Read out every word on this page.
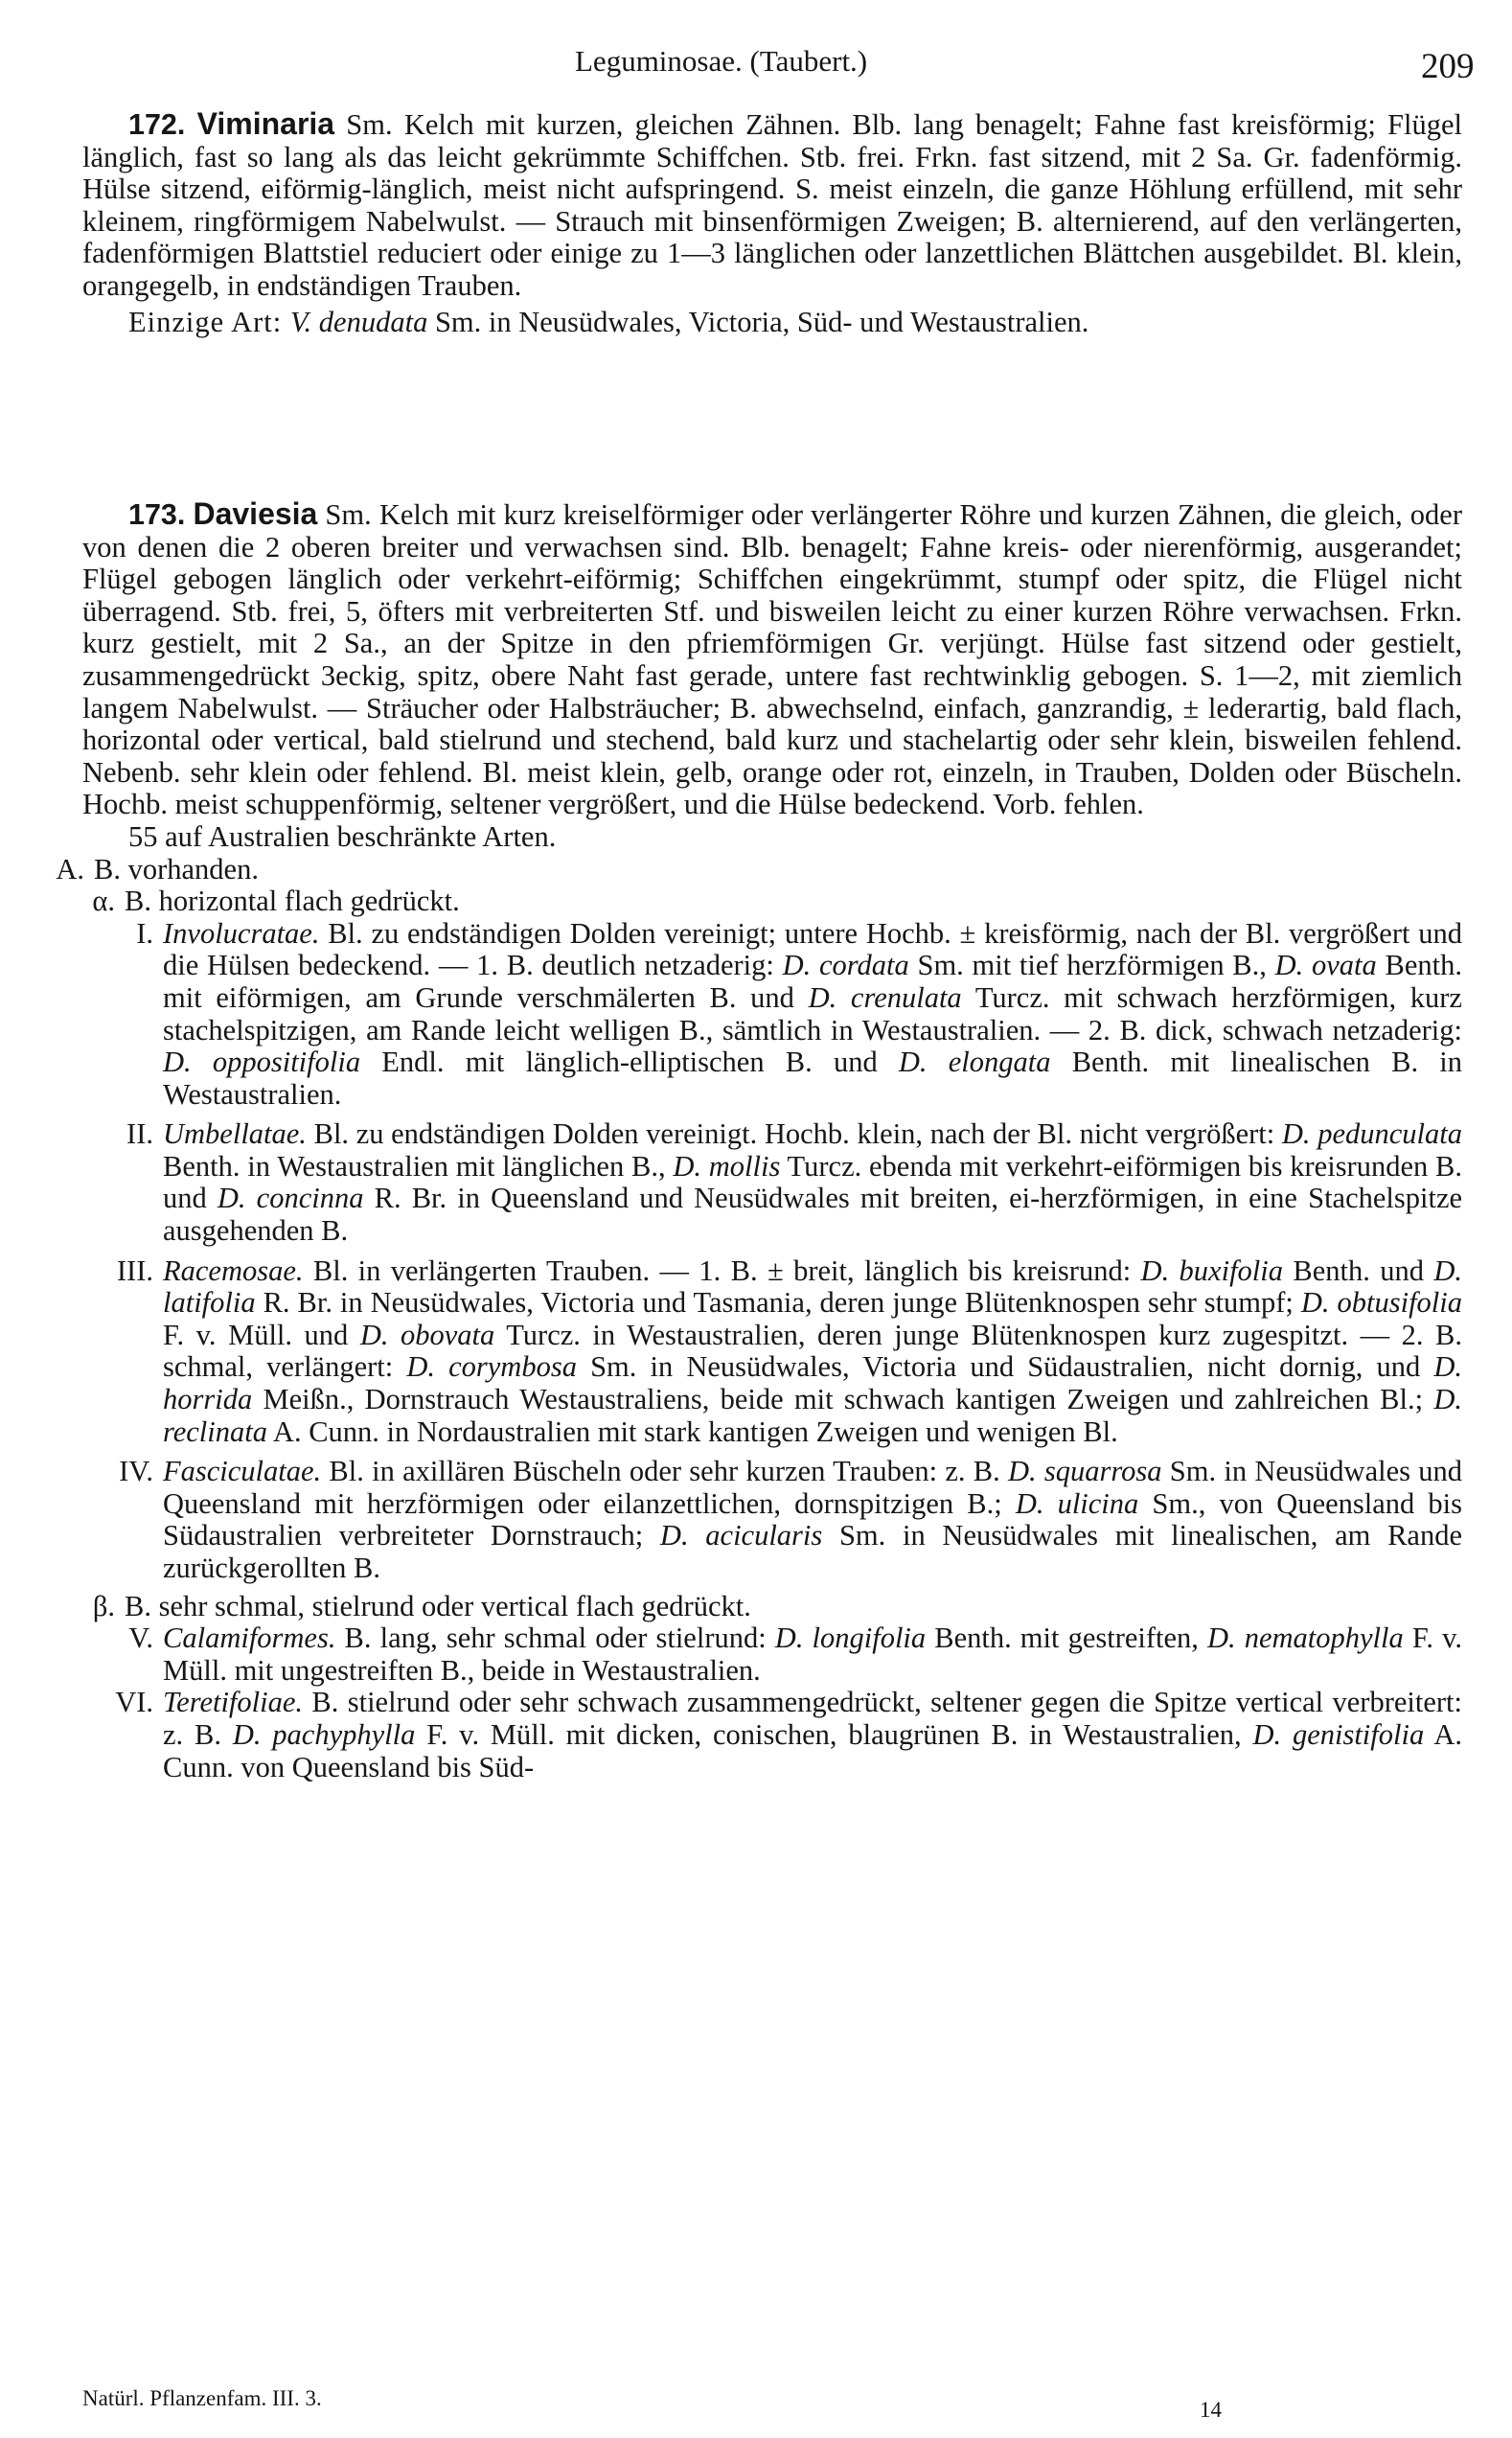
Leguminosae. (Taubert.)	209

172. Viminaria Sm. Kelch mit kurzen, gleichen Zähnen. Blb. lang benagelt; Fahne fast kreisförmig; Flügel länglich, fast so lang als das leicht gekrümmte Schiffchen. Stb. frei. Frkn. fast sitzend, mit 2 Sa. Gr. fadenförmig. Hülse sitzend, eiförmig-länglich, meist nicht aufspringend. S. meist einzeln, die ganze Höhlung erfüllend, mit sehr kleinem, ringförmigem Nabelwulst. — Strauch mit binsenförmigen Zweigen; B. alternierend, auf den verlängerten, fadenförmigen Blattstiel reduciert oder einige zu 1—3 länglichen oder lanzettlichen Blättchen ausgebildet. Bl. klein, orangegelb, in endständigen Trauben.

Einzige Art: V. denudata Sm. in Neusüdwales, Victoria, Süd- und Westaustralien.

173. Daviesia Sm. Kelch mit kurz kreiselförmiger oder verlängerter Röhre und kurzen Zähnen, die gleich, oder von denen die 2 oberen breiter und verwachsen sind. Blb. benagelt; Fahne kreis- oder nierenförmig, ausgerandet; Flügel gebogen länglich oder verkehrt-eiförmig; Schiffchen eingekrümmt, stumpf oder spitz, die Flügel nicht überragend. Stb. frei, 5, öfters mit verbreiterten Stf. und bisweilen leicht zu einer kurzen Röhre verwachsen. Frkn. kurz gestielt, mit 2 Sa., an der Spitze in den pfriemförmigen Gr. verjüngt. Hülse fast sitzend oder gestielt, zusammengedrückt 3eckig, spitz, obere Naht fast gerade, untere fast rechtwinklig gebogen. S. 1—2, mit ziemlich langem Nabelwulst. — Sträucher oder Halbsträucher; B. abwechselnd, einfach, ganzrandig, ± lederartig, bald flach, horizontal oder vertical, bald stielrund und stechend, bald kurz und stachelartig oder sehr klein, bisweilen fehlend. Nebenb. sehr klein oder fehlend. Bl. meist klein, gelb, orange oder rot, einzeln, in Trauben, Dolden oder Büscheln. Hochb. meist schuppenförmig, seltener vergrößert, und die Hülse bedeckend. Vorb. fehlen.

55 auf Australien beschränkte Arten.

A. B. vorhanden.
α. B. horizontal flach gedrückt.
I. Involucratae. Bl. zu endständigen Dolden vereinigt; untere Hochb. ± kreisförmig, nach der Bl. vergrößert und die Hülsen bedeckend. — 1. B. deutlich netzaderig: D. cordata Sm. mit tief herzförmigen B., D. ovata Benth. mit eiförmigen, am Grunde verschmälerten B. und D. crenulata Turcz. mit schwach herzförmigen, kurz stachelspitzigen, am Rande leicht welligen B., sämtlich in Westaustralien. — 2. B. dick, schwach netzaderig: D. oppositifolia Endl. mit länglich-elliptischen B. und D. elongata Benth. mit linealischen B. in Westaustralien.
II. Umbellatae. Bl. zu endständigen Dolden vereinigt. Hochb. klein, nach der Bl. nicht vergrößert: D. pedunculata Benth. in Westaustralien mit länglichen B., D. mollis Turcz. ebenda mit verkehrt-eiförmigen bis kreisrunden B. und D. concinna R. Br. in Queensland und Neusüdwales mit breiten, ei-herzförmigen, in eine Stachelspitze ausgehenden B.
III. Racemosae. Bl. in verlängerten Trauben. — 1. B. ± breit, länglich bis kreisrund: D. buxifolia Benth. und D. latifolia R. Br. in Neusüdwales, Victoria und Tasmania, deren junge Blütenknospen sehr stumpf; D. obtusifolia F. v. Müll. und D. obovata Turcz. in Westaustralien, deren junge Blütenknospen kurz zugespitzt. — 2. B. schmal, verlängert: D. corymbosa Sm. in Neusüdwales, Victoria und Südaustralien, nicht dornig, und D. horrida Meißn., Dornstrauch Westaustraliens, beide mit schwach kantigen Zweigen und zahlreichen Bl.; D. reclinata A. Cunn. in Nordaustralien mit stark kantigen Zweigen und wenigen Bl.
IV. Fasciculatae. Bl. in axillären Büscheln oder sehr kurzen Trauben: z. B. D. squarrosa Sm. in Neusüdwales und Queensland mit herzförmigen oder eilanzettlichen, dornspitzigen B.; D. ulicina Sm., von Queensland bis Südaustralien verbreiteter Dornstrauch; D. acicularis Sm. in Neusüdwales mit linealischen, am Rande zurückgerollten B.
β. B. sehr schmal, stielrund oder vertical flach gedrückt.
V. Calamiformes. B. lang, sehr schmal oder stielrund: D. longifolia Benth. mit gestreiften, D. nematophylla F. v. Müll. mit ungestreiften B., beide in Westaustralien.
VI. Teretifoliae. B. stielrund oder sehr schwach zusammengedrückt, seltener gegen die Spitze vertical verbreitert: z. B. D. pachyphylla F. v. Müll. mit dicken, conischen, blaugrünen B. in Westaustralien, D. genistifolia A. Cunn. von Queensland bis Süd-
Natürl. Pflanzenfam. III. 3.	14
